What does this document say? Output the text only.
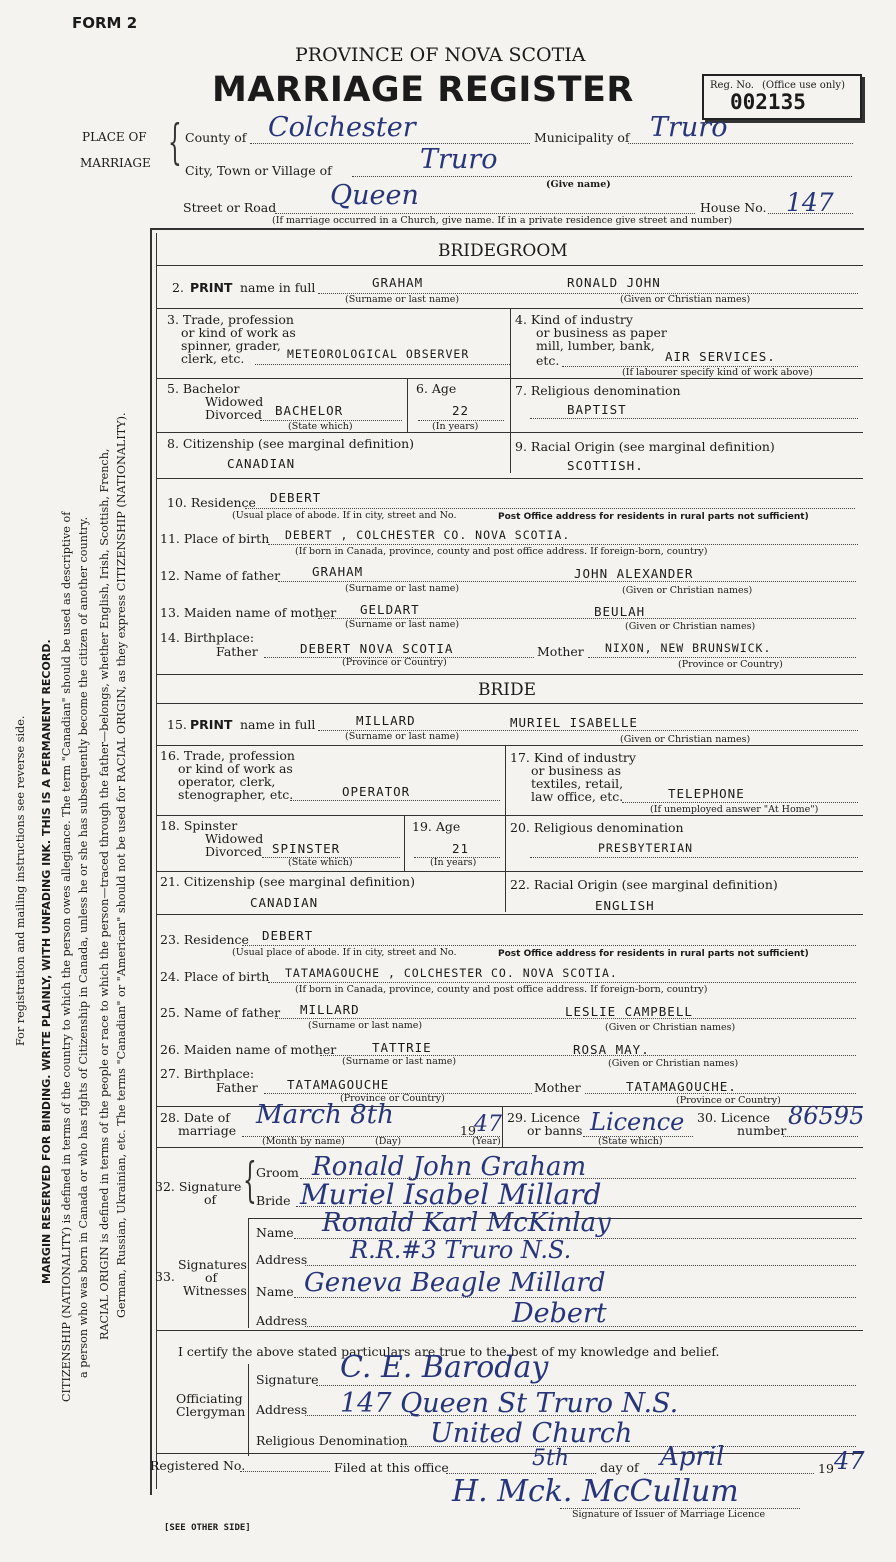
FORM 2
PROVINCE OF NOVA SCOTIA
MARRIAGE REGISTER	Reg. No. (Office use only)
002135
PLACE OF
MARRIAGE { County of Colchester	Municipality of Truro
City, Town or Village of	Truro
(Give name)
Street or Road Queen	House No. 147
(If marriage occurred in a Church, give name. If in a private residence give street and number)
For registration and mailing instructions see reverse side. MARGIN RESERVED FOR BINDING. WRITE PLAINLY, WITH UNFADING INK. THIS IS A PERMANENT RECORD. CITIZENSHIP (NATIONALITY) is defined in terms of the country to which the person owes allegiance. The term "Canadian" should be used as descriptive of a person who was born in Canada or who has rights of Citizenship in Canada, unless he or she has subsequently become the citizen of another country. RACIAL ORIGIN is defined in terms of the people or race to which the person—traced through the father—belongs, whether English, Irish, Scottish, French, German, Russian, Ukrainian, etc. The terms "Canadian" or "American" should not be used for RACIAL ORIGIN, as they express CITIZENSHIP (NATIONALITY).
BRIDEGROOM
2. PRINT name in full	GRAHAM	RONALD JOHN
(Surname or last name)	(Given or Christian names)
3. Trade, profession
or kind of work as
spinner, grader,
clerk, etc.	METEOROLOGICAL OBSERVER
4. Kind of industry
or business as paper
mill, lumber, bank,
etc.	AIR SERVICES.
(If labourer specify kind of work above)
5. Bachelor
Widowed
Divorced BACHELOR
(State which)
6. Age
22
(In years)
7. Religious denomination
BAPTIST
8. Citizenship (see marginal definition)
CANADIAN
9. Racial Origin (see marginal definition)
SCOTTISH.
10. Residence DEBERT
(Usual place of abode. If in city, street and No.	Post Office address for residents in rural parts not sufficient)
11. Place of birth DEBERT , COLCHESTER CO. NOVA SCOTIA.
(If born in Canada, province, county and post office address. If foreign-born, country)
12. Name of father	GRAHAM	JOHN ALEXANDER
(Surname or last name)	(Given or Christian names)
13. Maiden name of mother GELDART	BEULAH
(Surname or last name)	(Given or Christian names)
14. Birthplace:
Father	DEBERT NOVA SCOTIA	Mother NIXON, NEW BRUNSWICK.
(Province or Country)	(Province or Country)
BRIDE
15. PRINT name in full	MILLARD	MURIEL ISABELLE
(Surname or last name)	(Given or Christian names)
16. Trade, profession
or kind of work as
operator, clerk,
stenographer, etc.	OPERATOR
17. Kind of industry
or business as
textiles, retail,
law office, etc.	TELEPHONE
(If unemployed answer "At Home")
18. Spinster
Widowed
Divorced SPINSTER
(State which)
19. Age
21
(In years)
20. Religious denomination
PRESBYTERIAN
21. Citizenship (see marginal definition)
CANADIAN
22. Racial Origin (see marginal definition)
ENGLISH
23. Residence DEBERT
(Usual place of abode. If in city, street and No.	Post Office address for residents in rural parts not sufficient)
24. Place of birth TATAMAGOUCHE , COLCHESTER CO. NOVA SCOTIA.
(If born in Canada, province, county and post office address. If foreign-born, country)
25. Name of father MILLARD	LESLIE CAMPBELL
(Surname or last name)	(Given or Christian names)
26. Maiden name of mother	TATTRIE	ROSA MAY.
(Surname or last name)	(Given or Christian names)
27. Birthplace:
Father TATAMAGOUCHE	Mother	TATAMAGOUCHE.
(Province or Country)	(Province or Country)
28. Date of
marriage
March 8th
19
47
(Month by name)	(Day)	(Year)
29. Licence
or banns Licence
(State which)
30. Licence
number
86595
32. Signature
of { Groom Ronald John Graham
Bride Muriel Isabel Millard
33.
Signatures
of
Witnesses
Name Ronald Karl McKinlay
Address R.R.#3 Truro N.S.
Name Geneva Beagle Millard
Address	Debert
I certify the above stated particulars are true to the best of my knowledge and belief.
Officiating
Clergyman
Signature C. E. Baroday
Address 147 Queen St Truro N.S.
Religious Denomination United Church
Registered No.	Filed at this office	5th day of April	19 47
H. Mck. McCullum
Signature of Issuer of Marriage Licence
[SEE OTHER SIDE]
